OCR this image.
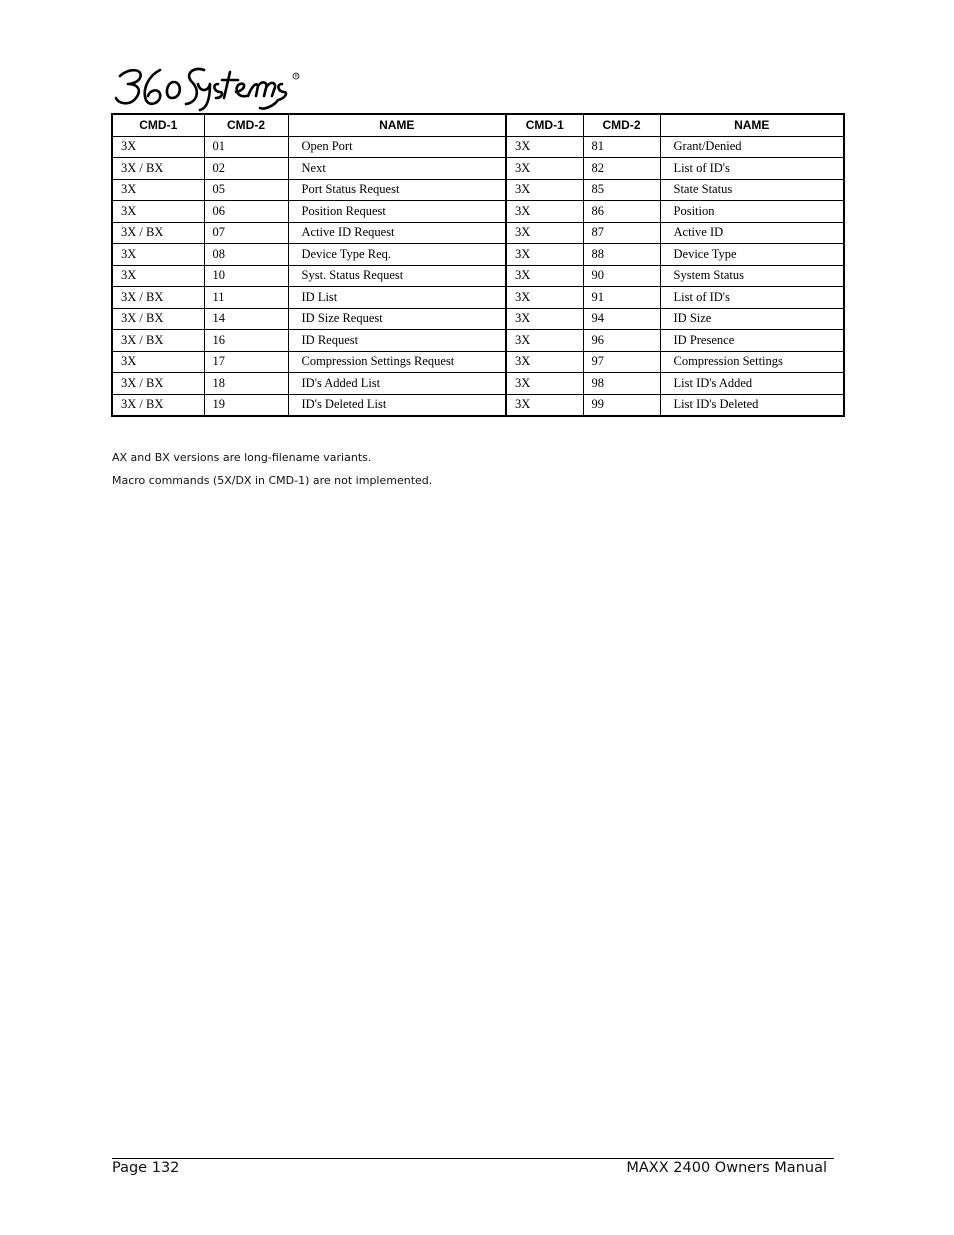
R
CMD-1	CMD-2	NAME	CMD-1	CMD-2	NAME
3X	01	Open Port	3X	81	Grant/Denied
3X / BX	02	Next	3X	82	List of ID's
3X	05	Port Status Request	3X	85	State Status
3X	06	Position Request	3X	86	Position
3X / BX	07	Active ID Request	3X	87	Active ID
3X	08	Device Type Req.	3X	88	Device Type
3X	10	Syst. Status Request	3X	90	System Status
3X / BX	11	ID List	3X	91	List of ID's
3X / BX	14	ID Size Request	3X	94	ID Size
3X / BX	16	ID Request	3X	96	ID Presence
3X	17	Compression Settings Request	3X	97	Compression Settings
3X / BX	18	ID's Added List	3X	98	List ID's Added
3X / BX	19	ID's Deleted List	3X	99	List ID's Deleted
AX and BX versions are long-filename variants.
Macro commands (5X/DX in CMD-1) are not implemented.
Page 132	MAXX 2400 Owners Manual
